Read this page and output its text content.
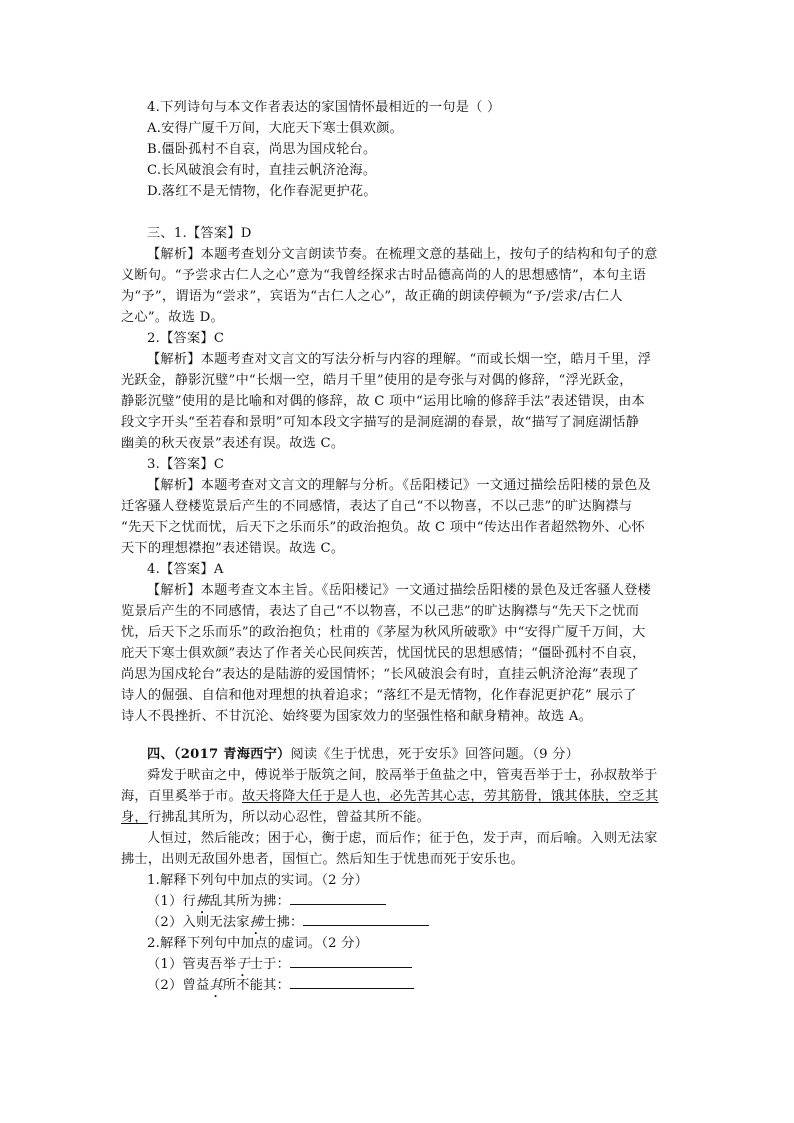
4.下列诗句与本文作者表达的家国情怀最相近的一句是（ ）
A.安得广厦千万间，大庇天下寒士俱欢颜。
B.僵卧孤村不自哀，尚思为国戍轮台。
C.长风破浪会有时，直挂云帆济沧海。
D.落红不是无情物，化作春泥更护花。
三、1.【答案】D
【解析】本题考查划分文言朗读节奏。在梳理文意的基础上，按句子的结构和句子的意
义断句。“予尝求古仁人之心”意为“我曾经探求古时品德高尚的人的思想感情”，本句主语
为“予”，谓语为“尝求”，宾语为“古仁人之心”，故正确的朗读停顿为“予/尝求/古仁人
之心”。故选 D。
2.【答案】C
【解析】本题考查对文言文的写法分析与内容的理解。“而或长烟一空，皓月千里，浮
光跃金，静影沉璧”中“长烟一空，皓月千里”使用的是夸张与对偶的修辞，“浮光跃金，
静影沉璧”使用的是比喻和对偶的修辞，故 C 项中“运用比喻的修辞手法”表述错误，由本
段文字开头“至若春和景明”可知本段文字描写的是洞庭湖的春景，故“描写了洞庭湖恬静
幽美的秋天夜景”表述有误。故选 C。
3.【答案】C
【解析】本题考查对文言文的理解与分析。《岳阳楼记》一文通过描绘岳阳楼的景色及
迁客骚人登楼览景后产生的不同感情，表达了自己“不以物喜，不以己悲”的旷达胸襟与
“先天下之忧而忧，后天下之乐而乐”的政治抱负。故 C 项中“传达出作者超然物外、心怀
天下的理想襟抱”表述错误。故选 C。
4.【答案】A
【解析】本题考查文本主旨。《岳阳楼记》一文通过描绘岳阳楼的景色及迁客骚人登楼
览景后产生的不同感情，表达了自己“不以物喜，不以己悲”的旷达胸襟与“先天下之忧而
忧，后天下之乐而乐”的政治抱负；杜甫的《茅屋为秋风所破歌》中“安得广厦千万间，大
庇天下寒士俱欢颜”表达了作者关心民间疾苦，忧国忧民的思想感情；“僵卧孤村不自哀，
尚思为国戍轮台”表达的是陆游的爱国情怀；“长风破浪会有时，直挂云帆济沧海”表现了
诗人的倔强、自信和他对理想的执着追求；“落红不是无情物，化作春泥更护花” 展示了
诗人不畏挫折、不甘沉沦、始终要为国家效力的坚强性格和献身精神。故选 A。
四、（2017 青海西宁）阅读《生于忧患，死于安乐》回答问题。（9 分）
舜发于畎亩之中，傅说举于版筑之间，胶鬲举于鱼盐之中，管夷吾举于士，孙叔敖举于
海，百里奚举于市。故天将降大任于是人也，必先苦其心志，劳其筋骨，饿其体肤，空乏其
身，行拂乱其所为，所以动心忍性，曾益其所不能。
人恒过，然后能改；困于心，衡于虑，而后作；征于色，发于声，而后喻。入则无法家
拂士，出则无敌国外患者，国恒亡。然后知生于忧患而死于安乐也。
1.解释下列句中加点的实词。（2 分）
（1）行拂乱其所为拂：
（2）入则无法家拂士拂：
2.解释下列句中加点的虚词。（2 分）
（1）管夷吾举于士于：
（2）曾益其所不能其：
